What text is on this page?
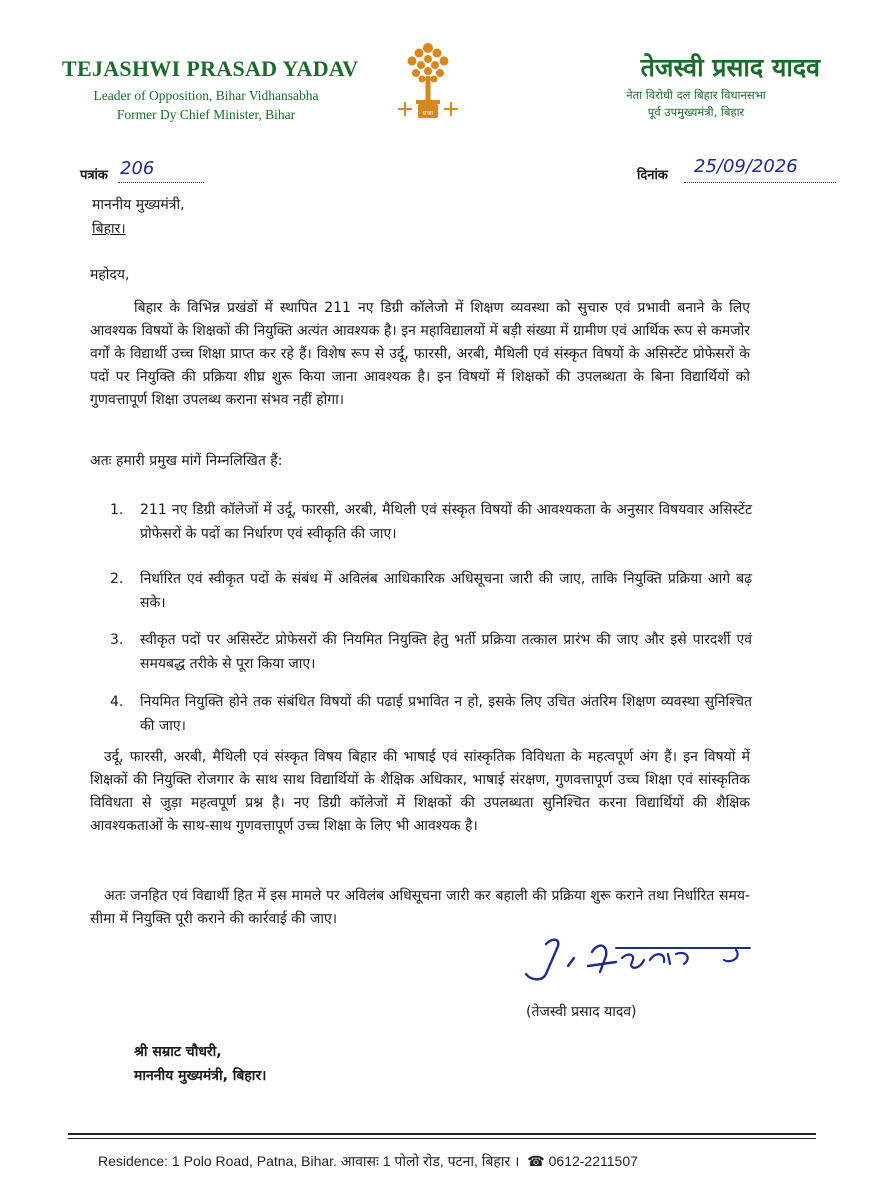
TEJASHWI PRASAD YADAV
Leader of Opposition, Bihar Vidhansabha
Former Dy Chief Minister, Bihar	प्रजा
तेजस्वी प्रसाद यादव
नेता विरोधी दल बिहार विधानसभा
पूर्व उपमुख्यमंत्री, बिहार
पत्रांक 206	दिनांक 25/09/2026
माननीय मुख्यमंत्री,
बिहार।
महोदय,
बिहार के विभिन्न प्रखंडों में स्थापित 211 नए डिग्री कॉलेजो में शिक्षण व्यवस्था को सुचारु एवं प्रभावी बनाने के लिए आवश्यक विषयों के शिक्षकों की नियुक्ति अत्यंत आवश्यक है। इन महाविद्यालयों में बड़ी संख्या में ग्रामीण एवं आर्थिक रूप से कमजोर वर्गों के विद्यार्थी उच्च शिक्षा प्राप्त कर रहे हैं। विशेष रूप से उर्दू, फारसी, अरबी, मैथिली एवं संस्कृत विषयों के असिस्टेंट प्रोफेसरों के पदों पर नियुक्ति की प्रक्रिया शीघ्र शुरू किया जाना आवश्यक है। इन विषयों में शिक्षकों की उपलब्धता के बिना विद्यार्थियों को गुणवत्तापूर्ण शिक्षा उपलब्ध कराना संभव नहीं होगा।
अतः हमारी प्रमुख मांगें निम्नलिखित हैं:
1. 211 नए डिग्री कॉलेजों में उर्दू, फारसी, अरबी, मैथिली एवं संस्कृत विषयों की आवश्यकता के अनुसार विषयवार असिस्टेंट प्रोफेसरों के पदों का निर्धारण एवं स्वीकृति की जाए।
2. निर्धारित एवं स्वीकृत पदों के संबंध में अविलंब आधिकारिक अधिसूचना जारी की जाए, ताकि नियुक्ति प्रक्रिया आगे बढ़ सके।
3. स्वीकृत पदों पर असिस्टेंट प्रोफेसरों की नियमित नियुक्ति हेतु भर्ती प्रक्रिया तत्काल प्रारंभ की जाए और इसे पारदर्शी एवं समयबद्ध तरीके से पूरा किया जाए।
4. नियमित नियुक्ति होने तक संबंधित विषयों की पढाई प्रभावित न हो, इसके लिए उचित अंतरिम शिक्षण व्यवस्था सुनिश्चित की जाए।
उर्दू, फारसी, अरबी, मैथिली एवं संस्कृत विषय बिहार की भाषाई एवं सांस्कृतिक विविधता के महत्वपूर्ण अंग हैं। इन विषयों में शिक्षकों की नियुक्ति रोजगार के साथ साथ विद्यार्थियों के शैक्षिक अधिकार, भाषाई संरक्षण, गुणवत्तापूर्ण उच्च शिक्षा एवं सांस्कृतिक विविधता से जुड़ा महत्वपूर्ण प्रश्न है। नए डिग्री कॉलेजों में शिक्षकों की उपलब्धता सुनिश्चित करना विद्यार्थियों की शैक्षिक आवश्यकताओं के साथ-साथ गुणवत्तापूर्ण उच्च शिक्षा के लिए भी आवश्यक है।
अतः जनहित एवं विद्यार्थी हित में इस मामले पर अविलंब अधिसूचना जारी कर बहाली की प्रक्रिया शुरू कराने तथा निर्धारित समय-सीमा में नियुक्ति पूरी कराने की कार्रवाई की जाए।
(तेजस्वी प्रसाद यादव)
श्री सम्राट चौधरी,
माननीय मुख्यमंत्री, बिहार।
Residence: 1 Polo Road, Patna, Bihar. आवासः 1 पोलो रोड, पटना, बिहार । ☎ 0612-2211507
